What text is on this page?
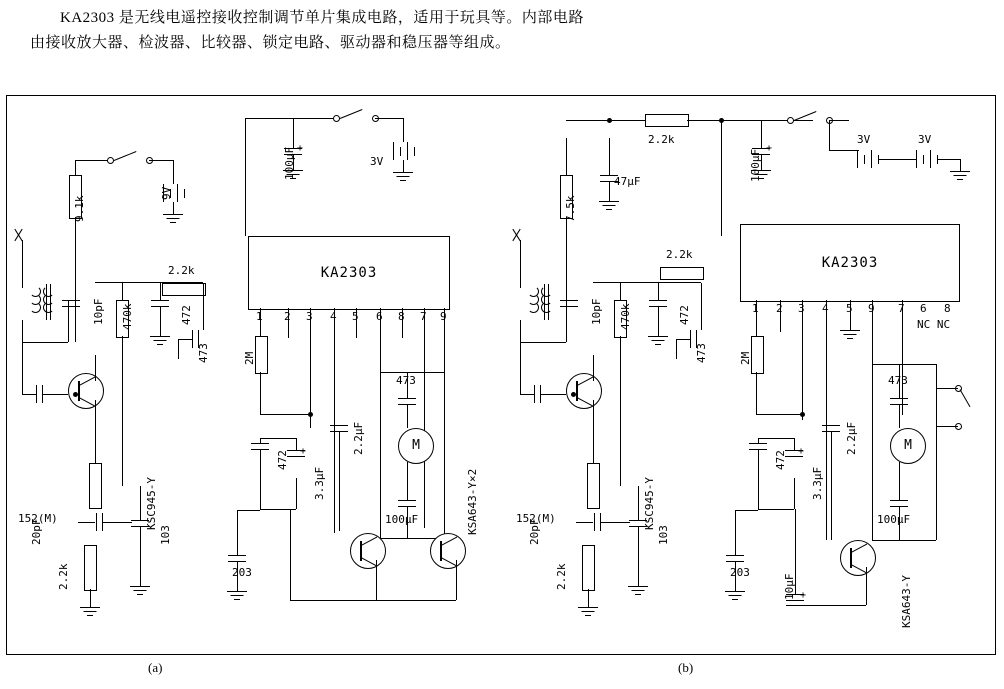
KA2303 是无线电遥控接收控制调节单片集成电路，适用于玩具等。内部电路由接收放大器、检波器、比较器、锁定电路、驱动器和稳压器等组成。
20pF
10pF
9.1k
9V
KSC945-Y
470k
152(M)
2.2k
103
472
2.2k
473
KA2303
1 2 3 4 5 6 8 7 9
100μF +
3V
2M
472 +
3.3μF
2.2μF
203
473
M
100μF	KSA643-Y×2
(a)
20pF
10pF
7.5k
47μF
2.2k
100μF
+
3V	3V
KSC945-Y
470k
152(M)
2.2k
103
472
2.2k
473
KA2303
1 2 3 4 5 9 7 6 8
NC NC
2M
472 +
3.3μF
2.2μF
203
473
M
100μF
KSA643-Y
10μF +
(b)
